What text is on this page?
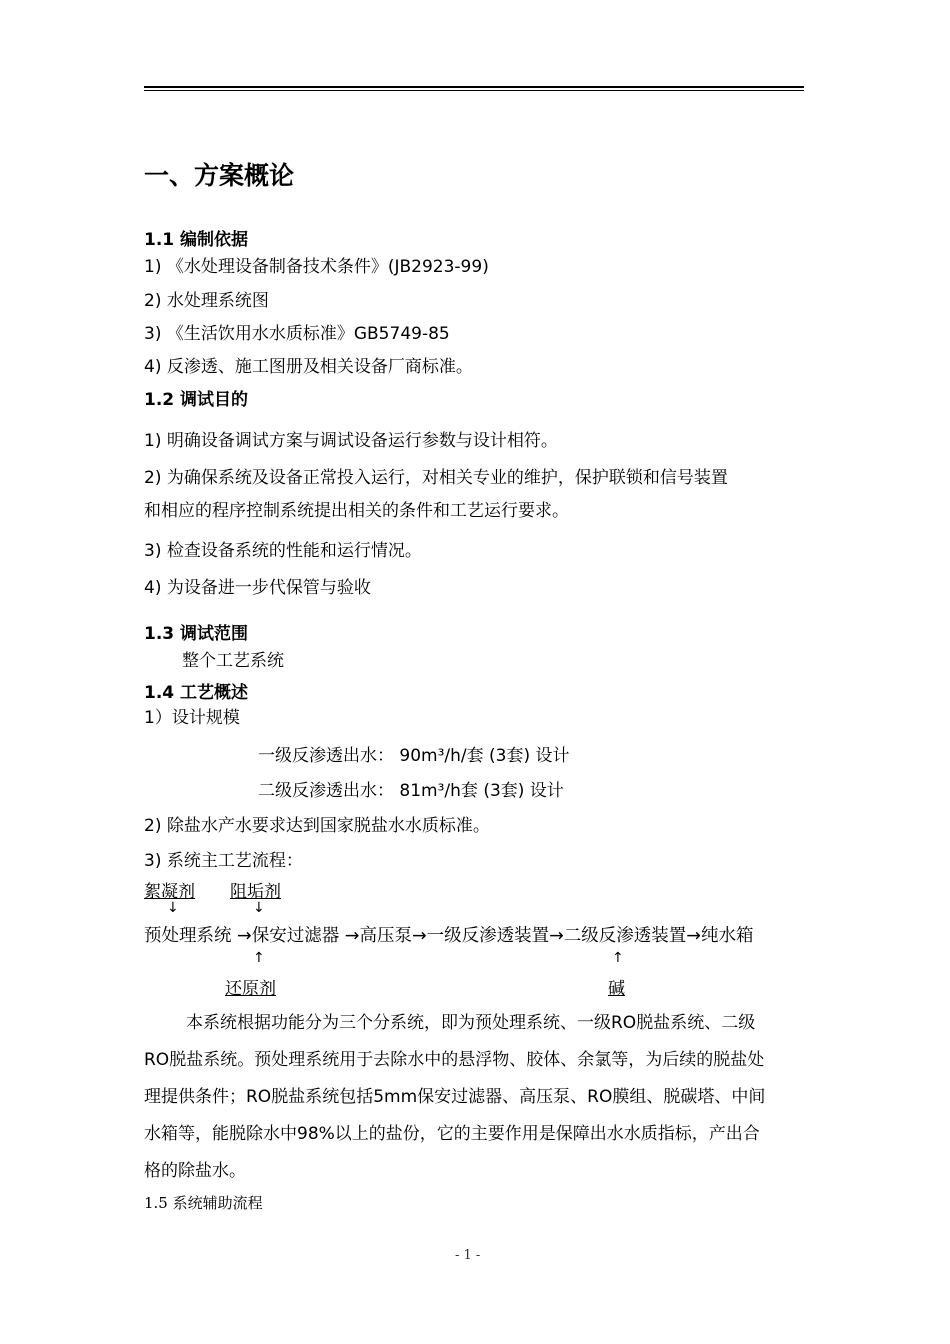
一、方案概论
1.1 编制依据
1) 《水处理设备制备技术条件》(JB2923-99)
2) 水处理系统图
3) 《生活饮用水水质标准》GB5749-85
4) 反渗透、施工图册及相关设备厂商标准。
1.2 调试目的
1) 明确设备调试方案与调试设备运行参数与设计相符。
2) 为确保系统及设备正常投入运行，对相关专业的维护，保护联锁和信号装置
和相应的程序控制系统提出相关的条件和工艺运行要求。
3) 检查设备系统的性能和运行情况。
4) 为设备进一步代保管与验收
1.3 调试范围
整个工艺系统
1.4 工艺概述
1）设计规模
一级反渗透出水： 90m³/h/套 (3套) 设计
二级反渗透出水： 81m³/h套 (3套) 设计
2) 除盐水产水要求达到国家脱盐水水质标准。
3) 系统主工艺流程：
絮凝剂 阻垢剂
↓	↓
预处理系统 →保安过滤器 →高压泵→一级反渗透装置→二级反渗透装置→纯水箱
↑	↑
还原剂	碱
本系统根据功能分为三个分系统，即为预处理系统、一级RO脱盐系统、二级
RO脱盐系统。预处理系统用于去除水中的悬浮物、胶体、余氯等，为后续的脱盐处
理提供条件；RO脱盐系统包括5mm保安过滤器、高压泵、RO膜组、脱碳塔、中间
水箱等，能脱除水中98%以上的盐份，它的主要作用是保障出水水质指标，产出合
格的除盐水。
1.5 系统辅助流程
- 1 -
